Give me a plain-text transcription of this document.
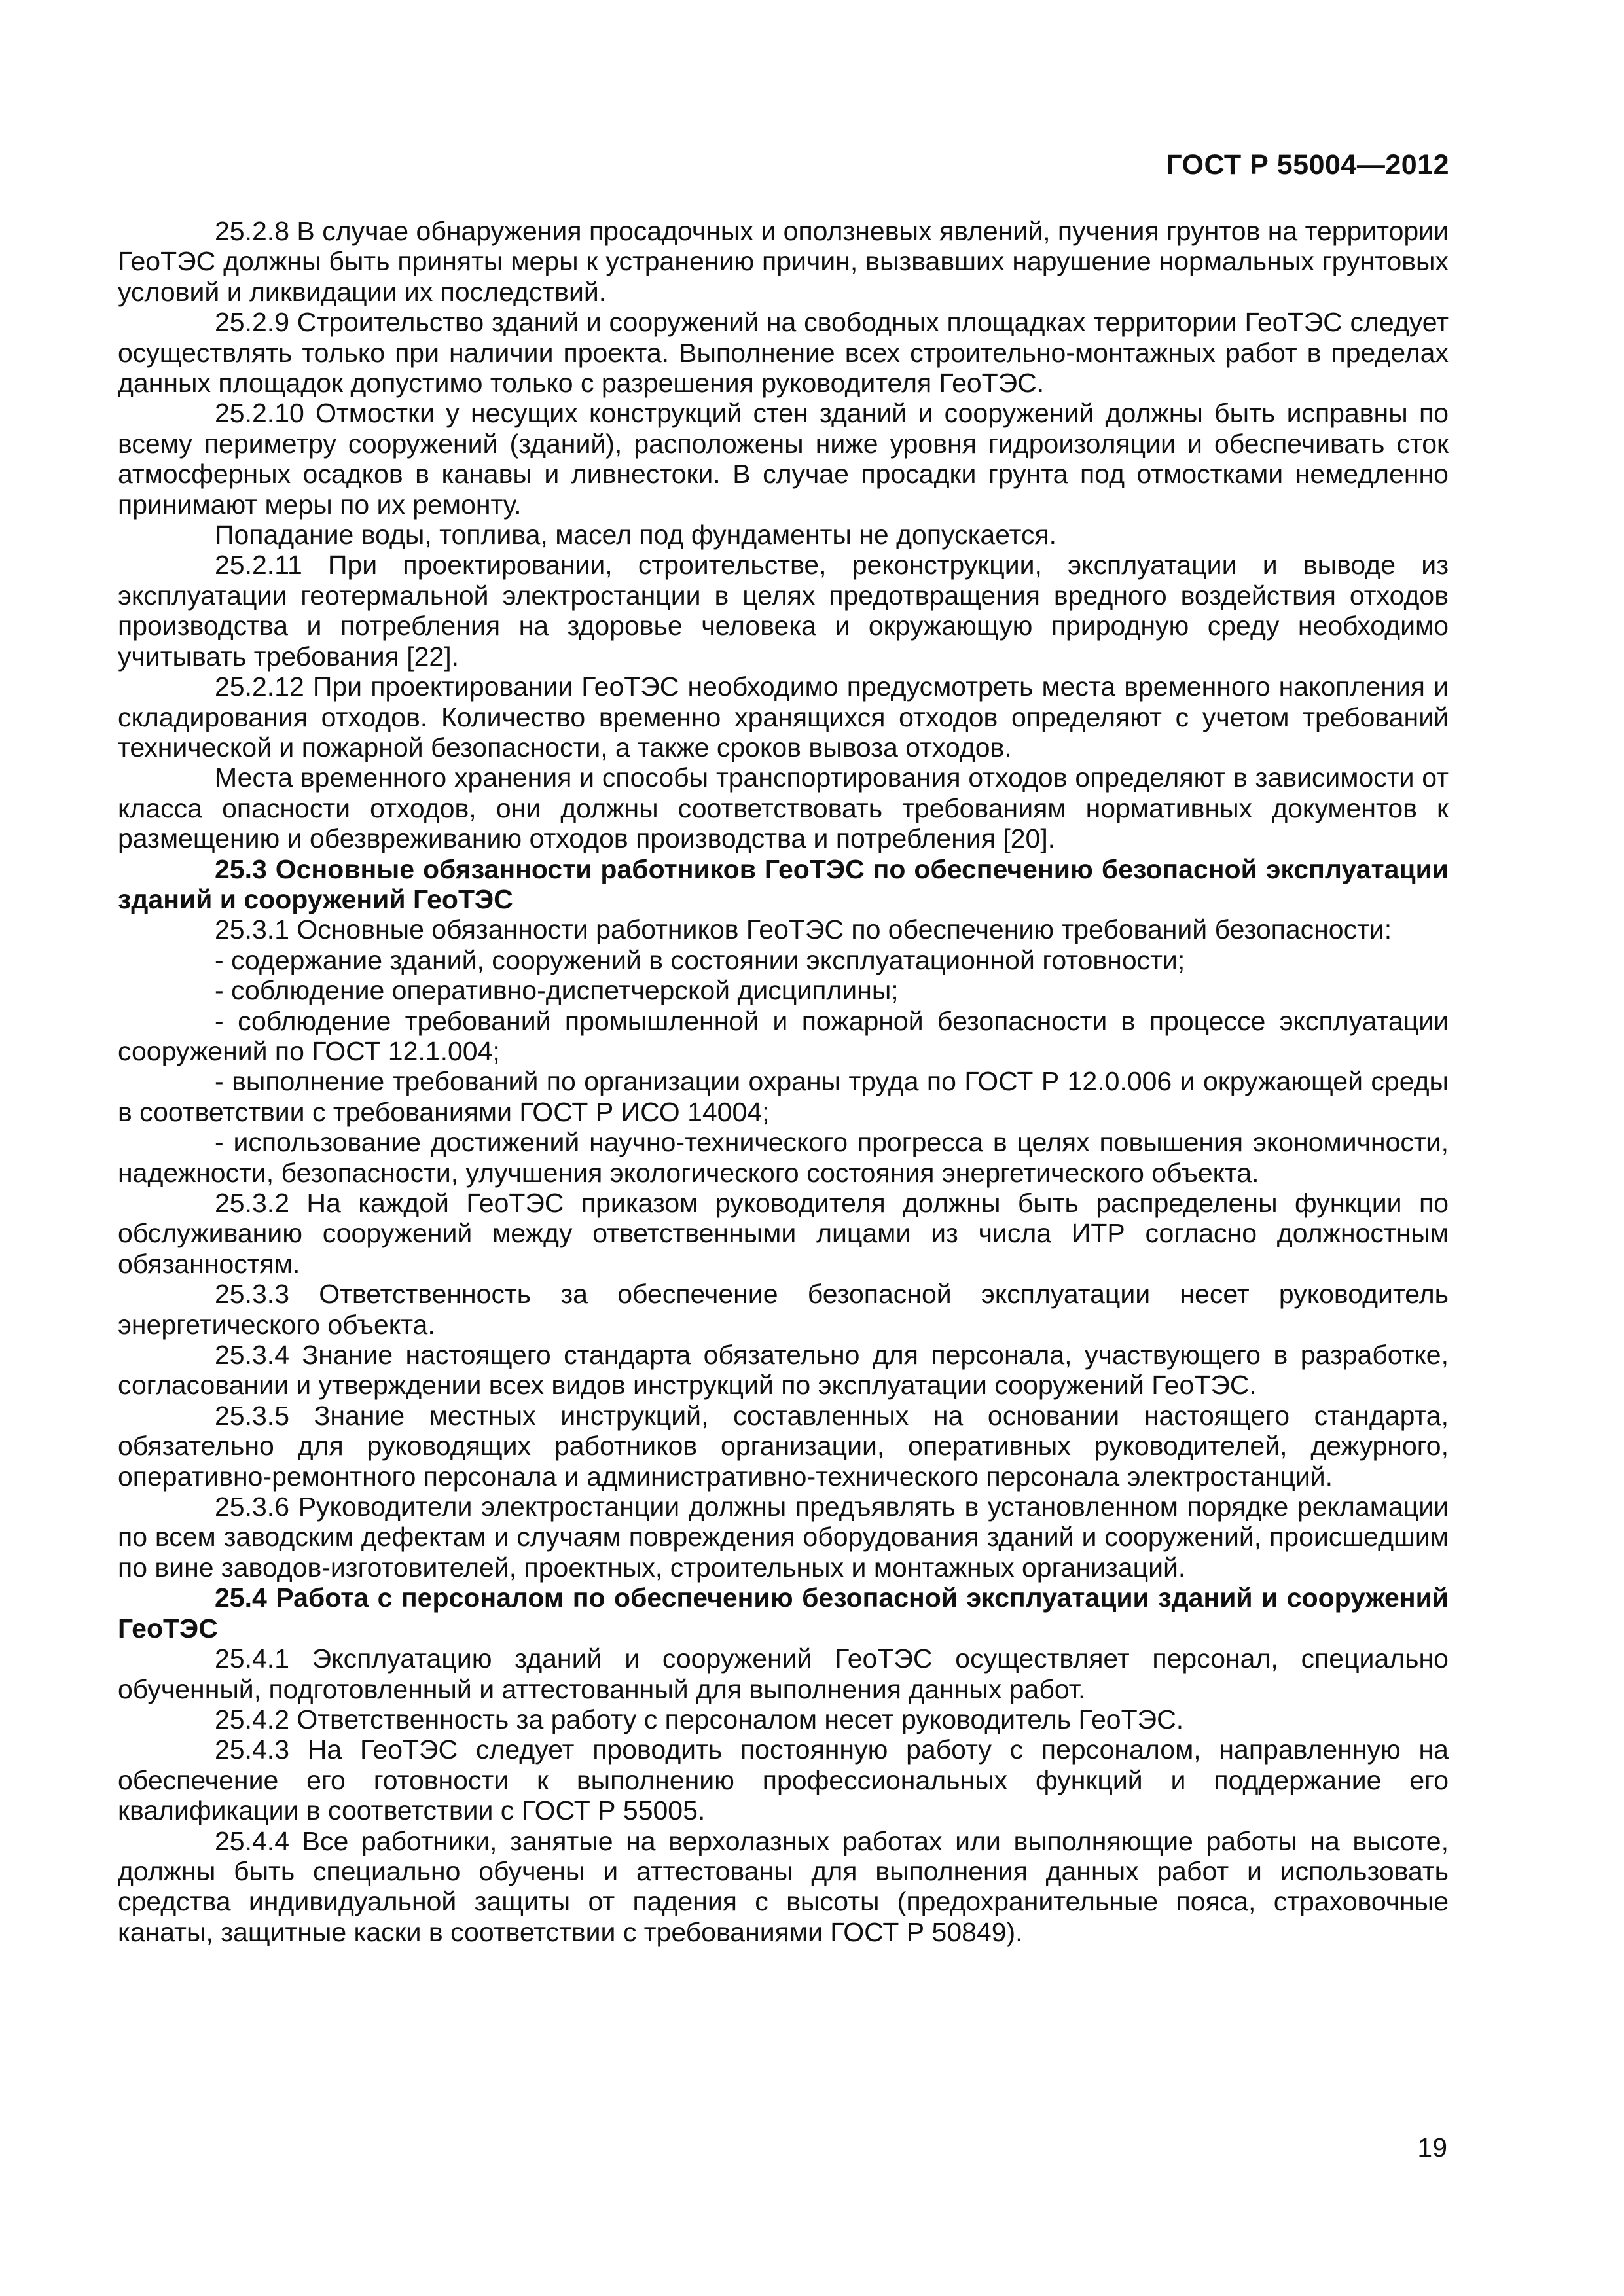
ГОСТ Р 55004—2012

25.2.8 В случае обнаружения просадочных и оползневых явлений, пучения грунтов на территории ГеоТЭС должны быть приняты меры к устранению причин, вызвавших нарушение нормальных грунтовых условий и ликвидации их последствий.

25.2.9 Строительство зданий и сооружений на свободных площадках территории ГеоТЭС следует осуществлять только при наличии проекта. Выполнение всех строительно-монтажных работ в пределах данных площадок допустимо только с разрешения руководителя ГеоТЭС.

25.2.10 Отмостки у несущих конструкций стен зданий и сооружений должны быть исправны по всему периметру сооружений (зданий), расположены ниже уровня гидроизоляции и обеспечивать сток атмосферных осадков в канавы и ливнестоки. В случае просадки грунта под отмостками немедленно принимают меры по их ремонту.

Попадание воды, топлива, масел под фундаменты не допускается.

25.2.11 При проектировании, строительстве, реконструкции, эксплуатации и выводе из эксплуатации геотермальной электростанции в целях предотвращения вредного воздействия отходов производства и потребления на здоровье человека и окружающую природную среду необходимо учитывать требования [22].

25.2.12 При проектировании ГеоТЭС необходимо предусмотреть места временного накопления и складирования отходов. Количество временно хранящихся отходов определяют с учетом требований технической и пожарной безопасности, а также сроков вывоза отходов.

Места временного хранения и способы транспортирования отходов определяют в зависимости от класса опасности отходов, они должны соответствовать требованиям нормативных документов к размещению и обезвреживанию отходов производства и потребления [20].

25.3 Основные обязанности работников ГеоТЭС по обеспечению безопасной эксплуатации зданий и сооружений ГеоТЭС

25.3.1 Основные обязанности работников ГеоТЭС по обеспечению требований безопасности:

- содержание зданий, сооружений в состоянии эксплуатационной готовности;

- соблюдение оперативно-диспетчерской дисциплины;

- соблюдение требований промышленной и пожарной безопасности в процессе эксплуатации сооружений по ГОСТ 12.1.004;

- выполнение требований по организации охраны труда по ГОСТ Р 12.0.006 и окружающей среды в соответствии с требованиями ГОСТ Р ИСО 14004;

- использование достижений научно-технического прогресса в целях повышения экономичности, надежности, безопасности, улучшения экологического состояния энергетического объекта.

25.3.2 На каждой ГеоТЭС приказом руководителя должны быть распределены функции по обслуживанию сооружений между ответственными лицами из числа ИТР согласно должностным обязанностям.

25.3.3 Ответственность за обеспечение безопасной эксплуатации несет руководитель энергетического объекта.

25.3.4 Знание настоящего стандарта обязательно для персонала, участвующего в разработке, согласовании и утверждении всех видов инструкций по эксплуатации сооружений ГеоТЭС.

25.3.5 Знание местных инструкций, составленных на основании настоящего стандарта, обязательно для руководящих работников организации, оперативных руководителей, дежурного, оперативно-ремонтного персонала и административно-технического персонала электростанций.

25.3.6 Руководители электростанции должны предъявлять в установленном порядке рекламации по всем заводским дефектам и случаям повреждения оборудования зданий и сооружений, происшедшим по вине заводов-изготовителей, проектных, строительных и монтажных организаций.

25.4 Работа с персоналом по обеспечению безопасной эксплуатации зданий и сооружений ГеоТЭС

25.4.1 Эксплуатацию зданий и сооружений ГеоТЭС осуществляет персонал, специально обученный, подготовленный и аттестованный для выполнения данных работ.

25.4.2 Ответственность за работу с персоналом несет руководитель ГеоТЭС.

25.4.3 На ГеоТЭС следует проводить постоянную работу с персоналом, направленную на обеспечение его готовности к выполнению профессиональных функций и поддержание его квалификации в соответствии с ГОСТ Р 55005.

25.4.4 Все работники, занятые на верхолазных работах или выполняющие работы на высоте, должны быть специально обучены и аттестованы для выполнения данных работ и использовать средства индивидуальной защиты от падения с высоты (предохранительные пояса, страховочные канаты, защитные каски в соответствии с требованиями ГОСТ Р 50849).

19
